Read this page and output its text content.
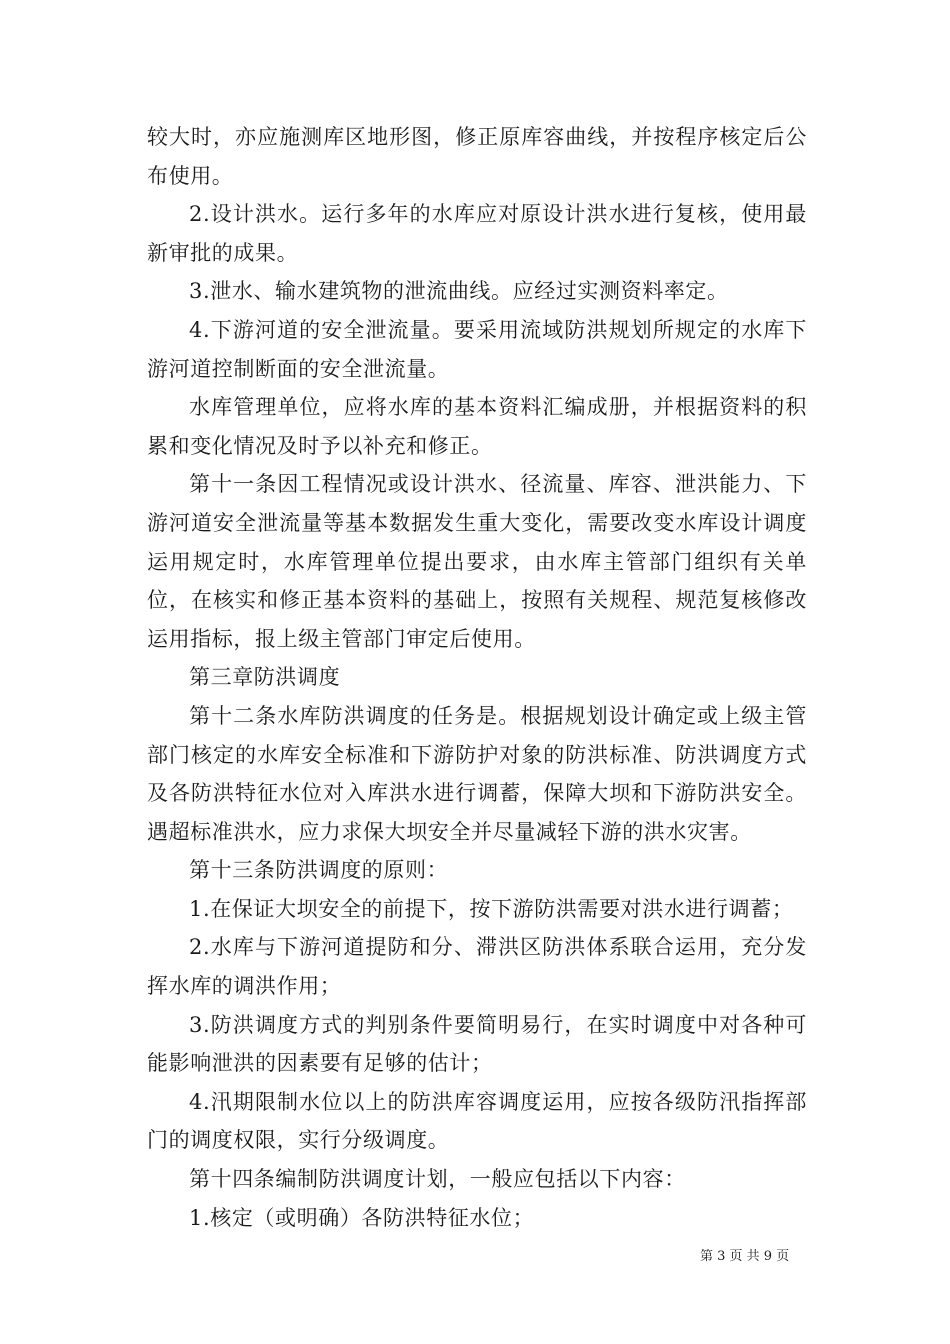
较大时，亦应施测库区地形图，修正原库容曲线，并按程序核定后公布使用。

2.设计洪水。运行多年的水库应对原设计洪水进行复核，使用最新审批的成果。

3.泄水、输水建筑物的泄流曲线。应经过实测资料率定。

4.下游河道的安全泄流量。要采用流域防洪规划所规定的水库下游河道控制断面的安全泄流量。

水库管理单位，应将水库的基本资料汇编成册，并根据资料的积累和变化情况及时予以补充和修正。

第十一条因工程情况或设计洪水、径流量、库容、泄洪能力、下游河道安全泄流量等基本数据发生重大变化，需要改变水库设计调度运用规定时，水库管理单位提出要求，由水库主管部门组织有关单位，在核实和修正基本资料的基础上，按照有关规程、规范复核修改运用指标，报上级主管部门审定后使用。

第三章防洪调度

第十二条水库防洪调度的任务是。根据规划设计确定或上级主管部门核定的水库安全标准和下游防护对象的防洪标准、防洪调度方式及各防洪特征水位对入库洪水进行调蓄，保障大坝和下游防洪安全。遇超标准洪水，应力求保大坝安全并尽量减轻下游的洪水灾害。

第十三条防洪调度的原则：

1.在保证大坝安全的前提下，按下游防洪需要对洪水进行调蓄；

2.水库与下游河道提防和分、滞洪区防洪体系联合运用，充分发挥水库的调洪作用；

3.防洪调度方式的判别条件要简明易行，在实时调度中对各种可能影响泄洪的因素要有足够的估计；

4.汛期限制水位以上的防洪库容调度运用，应按各级防汛指挥部门的调度权限，实行分级调度。

第十四条编制防洪调度计划，一般应包括以下内容：

1.核定（或明确）各防洪特征水位；

第 3 页 共 9 页
